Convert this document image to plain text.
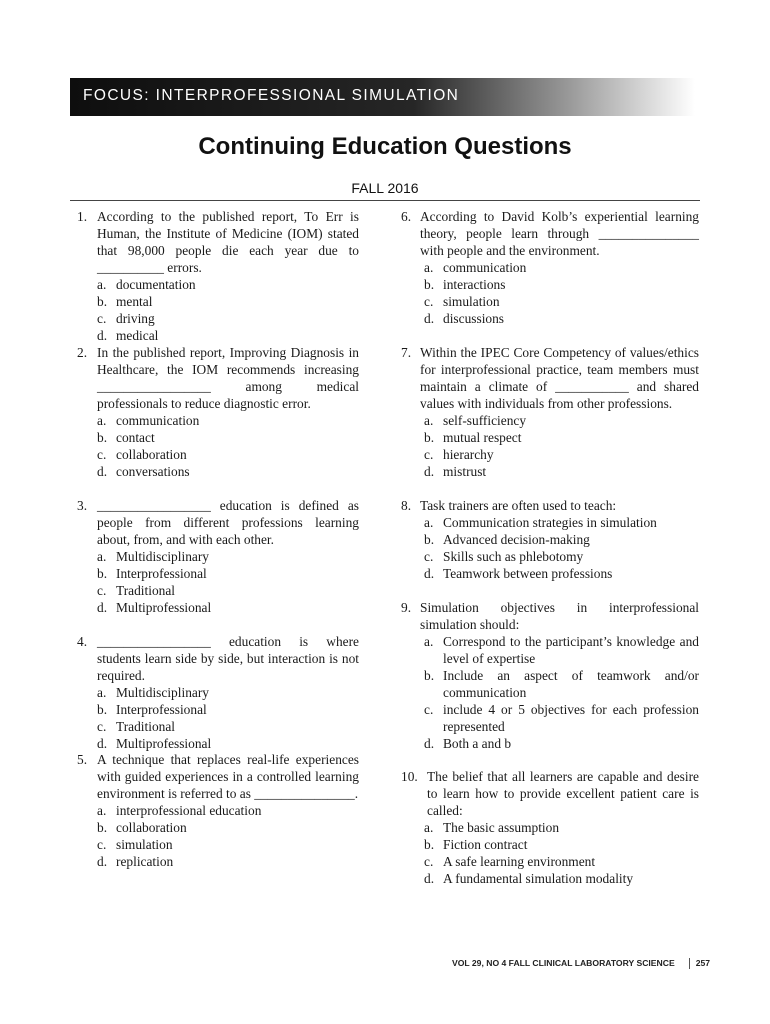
FOCUS: INTERPROFESSIONAL SIMULATION
Continuing Education Questions
FALL 2016
1. According to the published report, To Err is Human, the Institute of Medicine (IOM) stated that 98,000 people die each year due to __________ errors.
a. documentation
b. mental
c. driving
d. medical
2. In the published report, Improving Diagnosis in Healthcare, the IOM recommends increasing _________________ among medical professionals to reduce diagnostic error.
a. communication
b. contact
c. collaboration
d. conversations
3. _________________ education is defined as people from different professions learning about, from, and with each other.
a. Multidisciplinary
b. Interprofessional
c. Traditional
d. Multiprofessional
4. _________________ education is where students learn side by side, but interaction is not required.
a. Multidisciplinary
b. Interprofessional
c. Traditional
d. Multiprofessional
5. A technique that replaces real-life experiences with guided experiences in a controlled learning environment is referred to as _______________.
a. interprofessional education
b. collaboration
c. simulation
d. replication
6. According to David Kolb’s experiential learning theory, people learn through _______________ with people and the environment.
a. communication
b. interactions
c. simulation
d. discussions
7. Within the IPEC Core Competency of values/ethics for interprofessional practice, team members must maintain a climate of ___________ and shared values with individuals from other professions.
a. self-sufficiency
b. mutual respect
c. hierarchy
d. mistrust
8. Task trainers are often used to teach:
a. Communication strategies in simulation
b. Advanced decision-making
c. Skills such as phlebotomy
d. Teamwork between professions
9. Simulation objectives in interprofessional simulation should:
a. Correspond to the participant’s knowledge and level of expertise
b. Include an aspect of teamwork and/or communication
c. include 4 or 5 objectives for each profession represented
d. Both a and b
10. The belief that all learners are capable and desire to learn how to provide excellent patient care is called:
a. The basic assumption
b. Fiction contract
c. A safe learning environment
d. A fundamental simulation modality
VOL 29, NO 4 FALL CLINICAL LABORATORY SCIENCE 257
